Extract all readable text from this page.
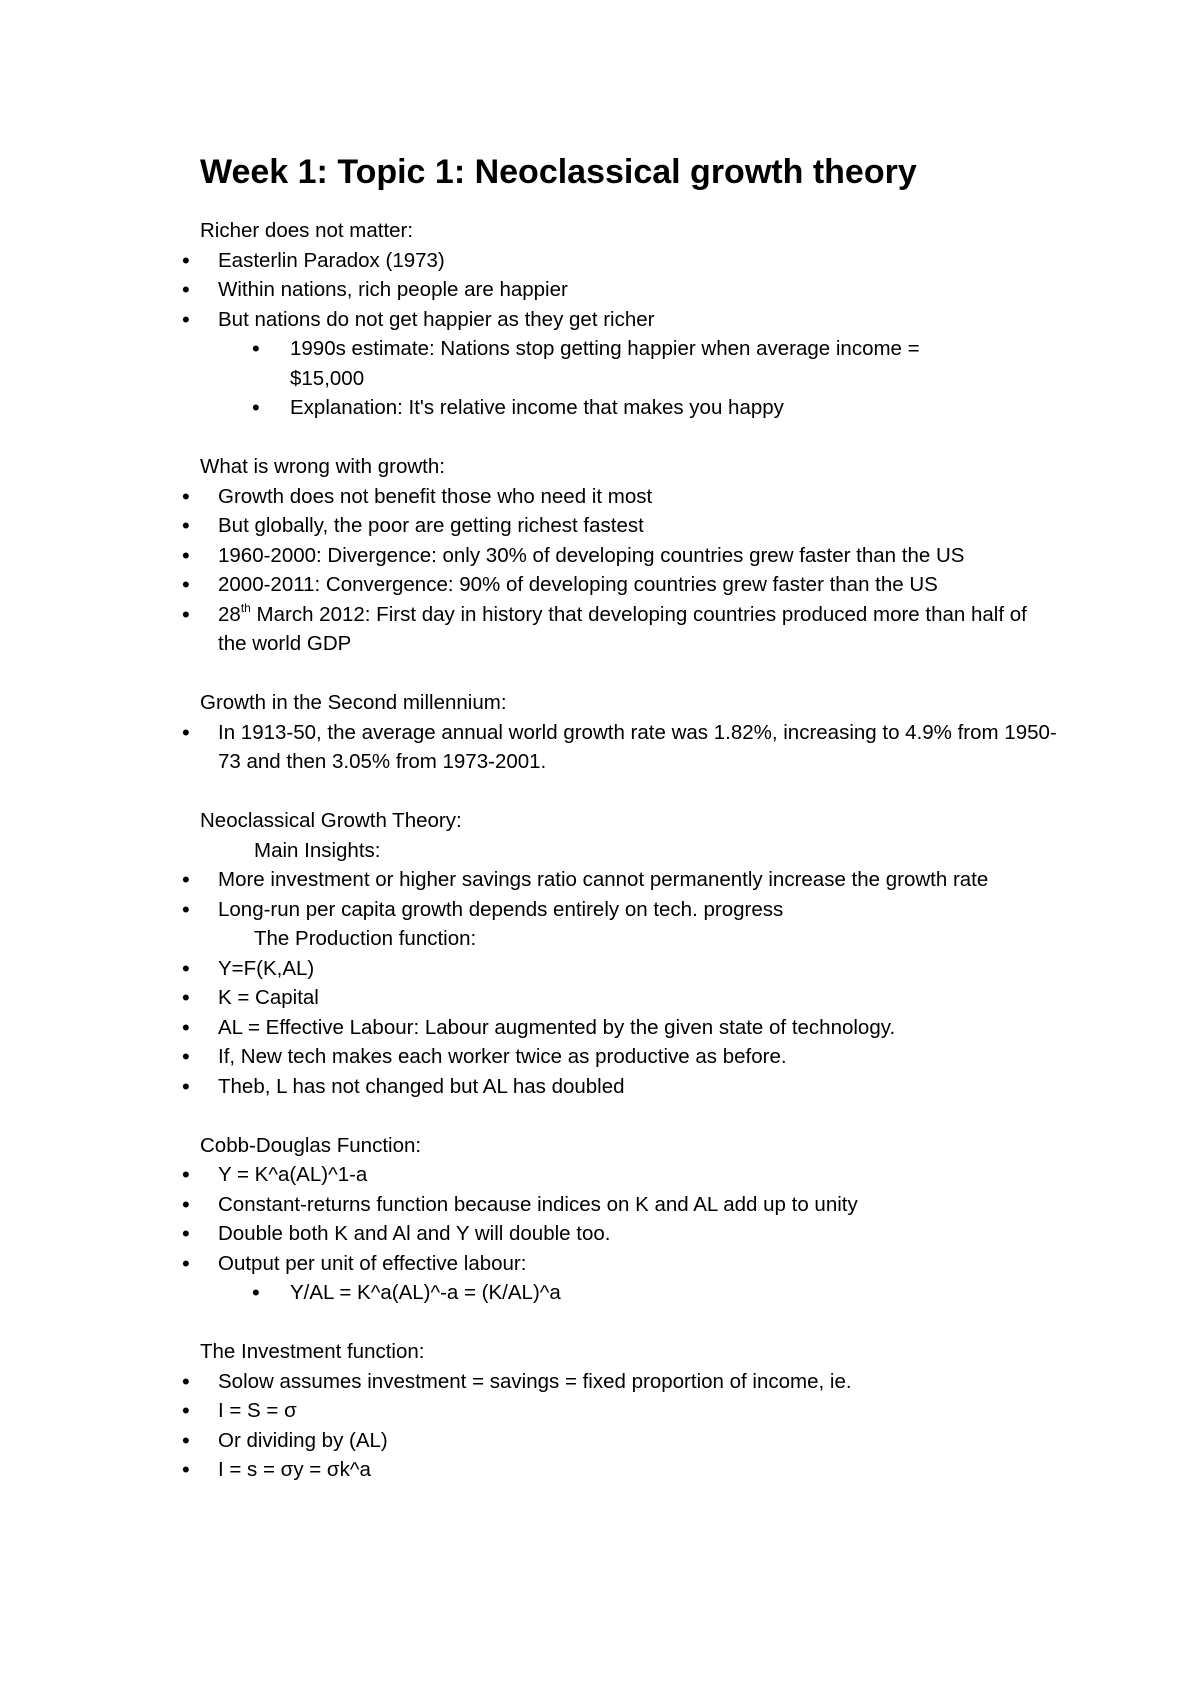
Week 1: Topic 1: Neoclassical growth theory
Richer does not matter:
• Easterlin Paradox (1973)
• Within nations, rich people are happier
• But nations do not get happier as they get richer
• 1990s estimate: Nations stop getting happier when average income = $15,000
• Explanation: It's relative income that makes you happy
What is wrong with growth:
• Growth does not benefit those who need it most
• But globally, the poor are getting richest fastest
• 1960-2000: Divergence: only 30% of developing countries grew faster than the US
• 2000-2011: Convergence: 90% of developing countries grew faster than the US
• 28th March 2012: First day in history that developing countries produced more than half of the world GDP
Growth in the Second millennium:
• In 1913-50, the average annual world growth rate was 1.82%, increasing to 4.9% from 1950-73 and then 3.05% from 1973-2001.
Neoclassical Growth Theory:
Main Insights:
• More investment or higher savings ratio cannot permanently increase the growth rate
• Long-run per capita growth depends entirely on tech. progress
The Production function:
• Y=F(K,AL)
• K = Capital
• AL = Effective Labour: Labour augmented by the given state of technology.
• If, New tech makes each worker twice as productive as before.
• Theb, L has not changed but AL has doubled
Cobb-Douglas Function:
• Y = K^a(AL)^1-a
• Constant-returns function because indices on K and AL add up to unity
• Double both K and Al and Y will double too.
• Output per unit of effective labour:
• Y/AL = K^a(AL)^-a = (K/AL)^a
The Investment function:
• Solow assumes investment = savings = fixed proportion of income, ie.
• I = S = σ
• Or dividing by (AL)
• I = s = σy = σk^a
